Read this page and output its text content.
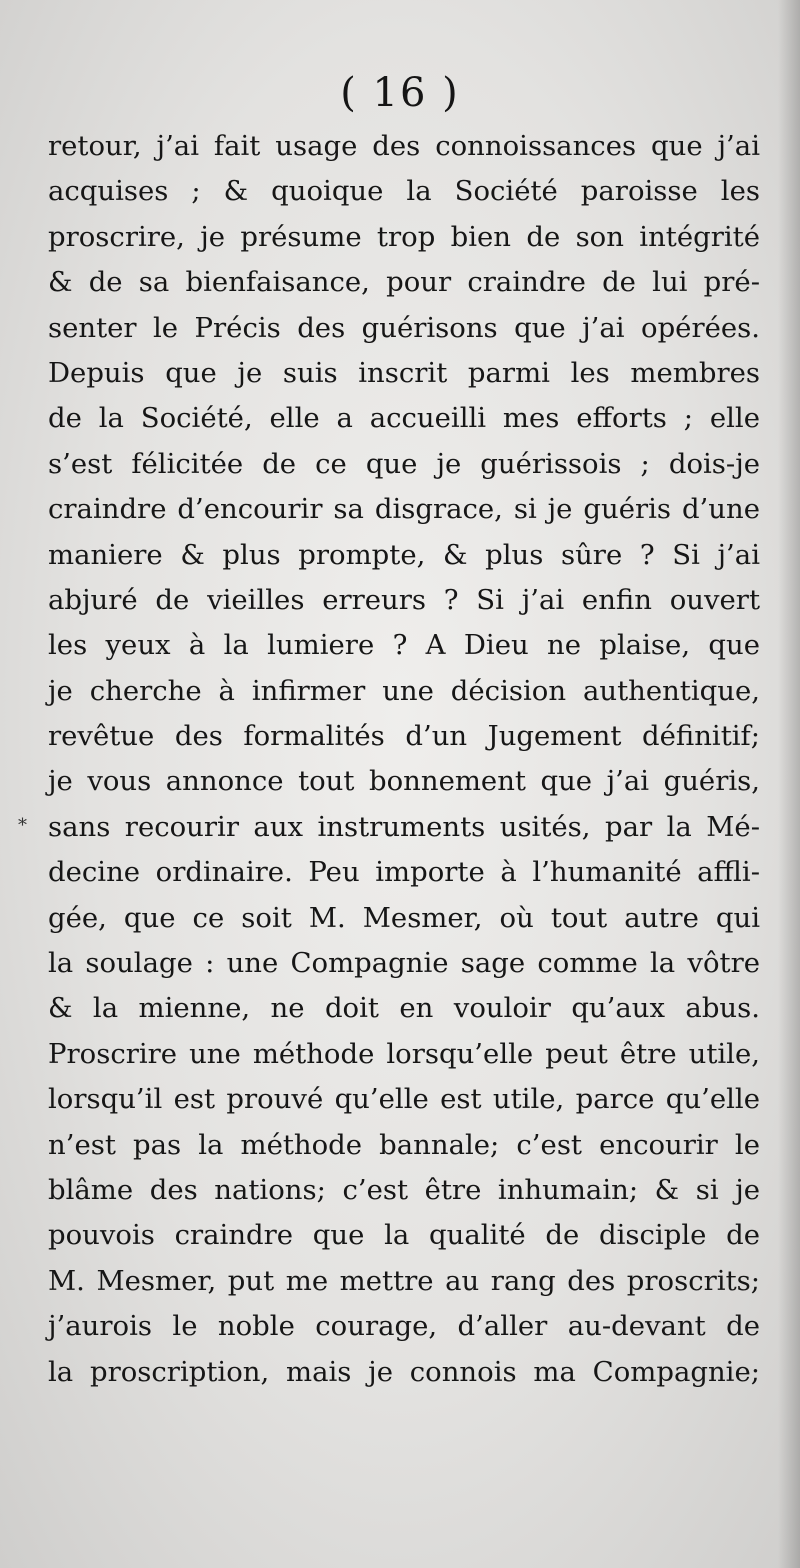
( 16 )
*
retour, j’ai fait usage des connoissances que j’ai
acquises ; & quoique la Société paroisse les
proscrire, je présume trop bien de son intégrité
& de sa bienfaisance, pour craindre de lui pré-
senter le Précis des guérisons que j’ai opérées.
Depuis que je suis inscrit parmi les membres
de la Société, elle a accueilli mes efforts ; elle
s’est félicitée de ce que je guérissois ; dois-je
craindre d’encourir sa disgrace, si je guéris d’une
maniere & plus prompte, & plus sûre ? Si j’ai
abjuré de vieilles erreurs ? Si j’ai enfin ouvert
les yeux à la lumiere ? A Dieu ne plaise, que
je cherche à infirmer une décision authentique,
revêtue des formalités d’un Jugement définitif;
je vous annonce tout bonnement que j’ai guéris,
sans recourir aux instruments usités, par la Mé-
decine ordinaire. Peu importe à l’humanité affli-
gée, que ce soit M. Mesmer, où tout autre qui
la soulage : une Compagnie sage comme la vôtre
& la mienne, ne doit en vouloir qu’aux abus.
Proscrire une méthode lorsqu’elle peut être utile,
lorsqu’il est prouvé qu’elle est utile, parce qu’elle
n’est pas la méthode bannale; c’est encourir le
blâme des nations; c’est être inhumain; & si je
pouvois craindre que la qualité de disciple de
M. Mesmer, put me mettre au rang des proscrits;
j’aurois le noble courage, d’aller au-devant de
la proscription, mais je connois ma Compagnie;
